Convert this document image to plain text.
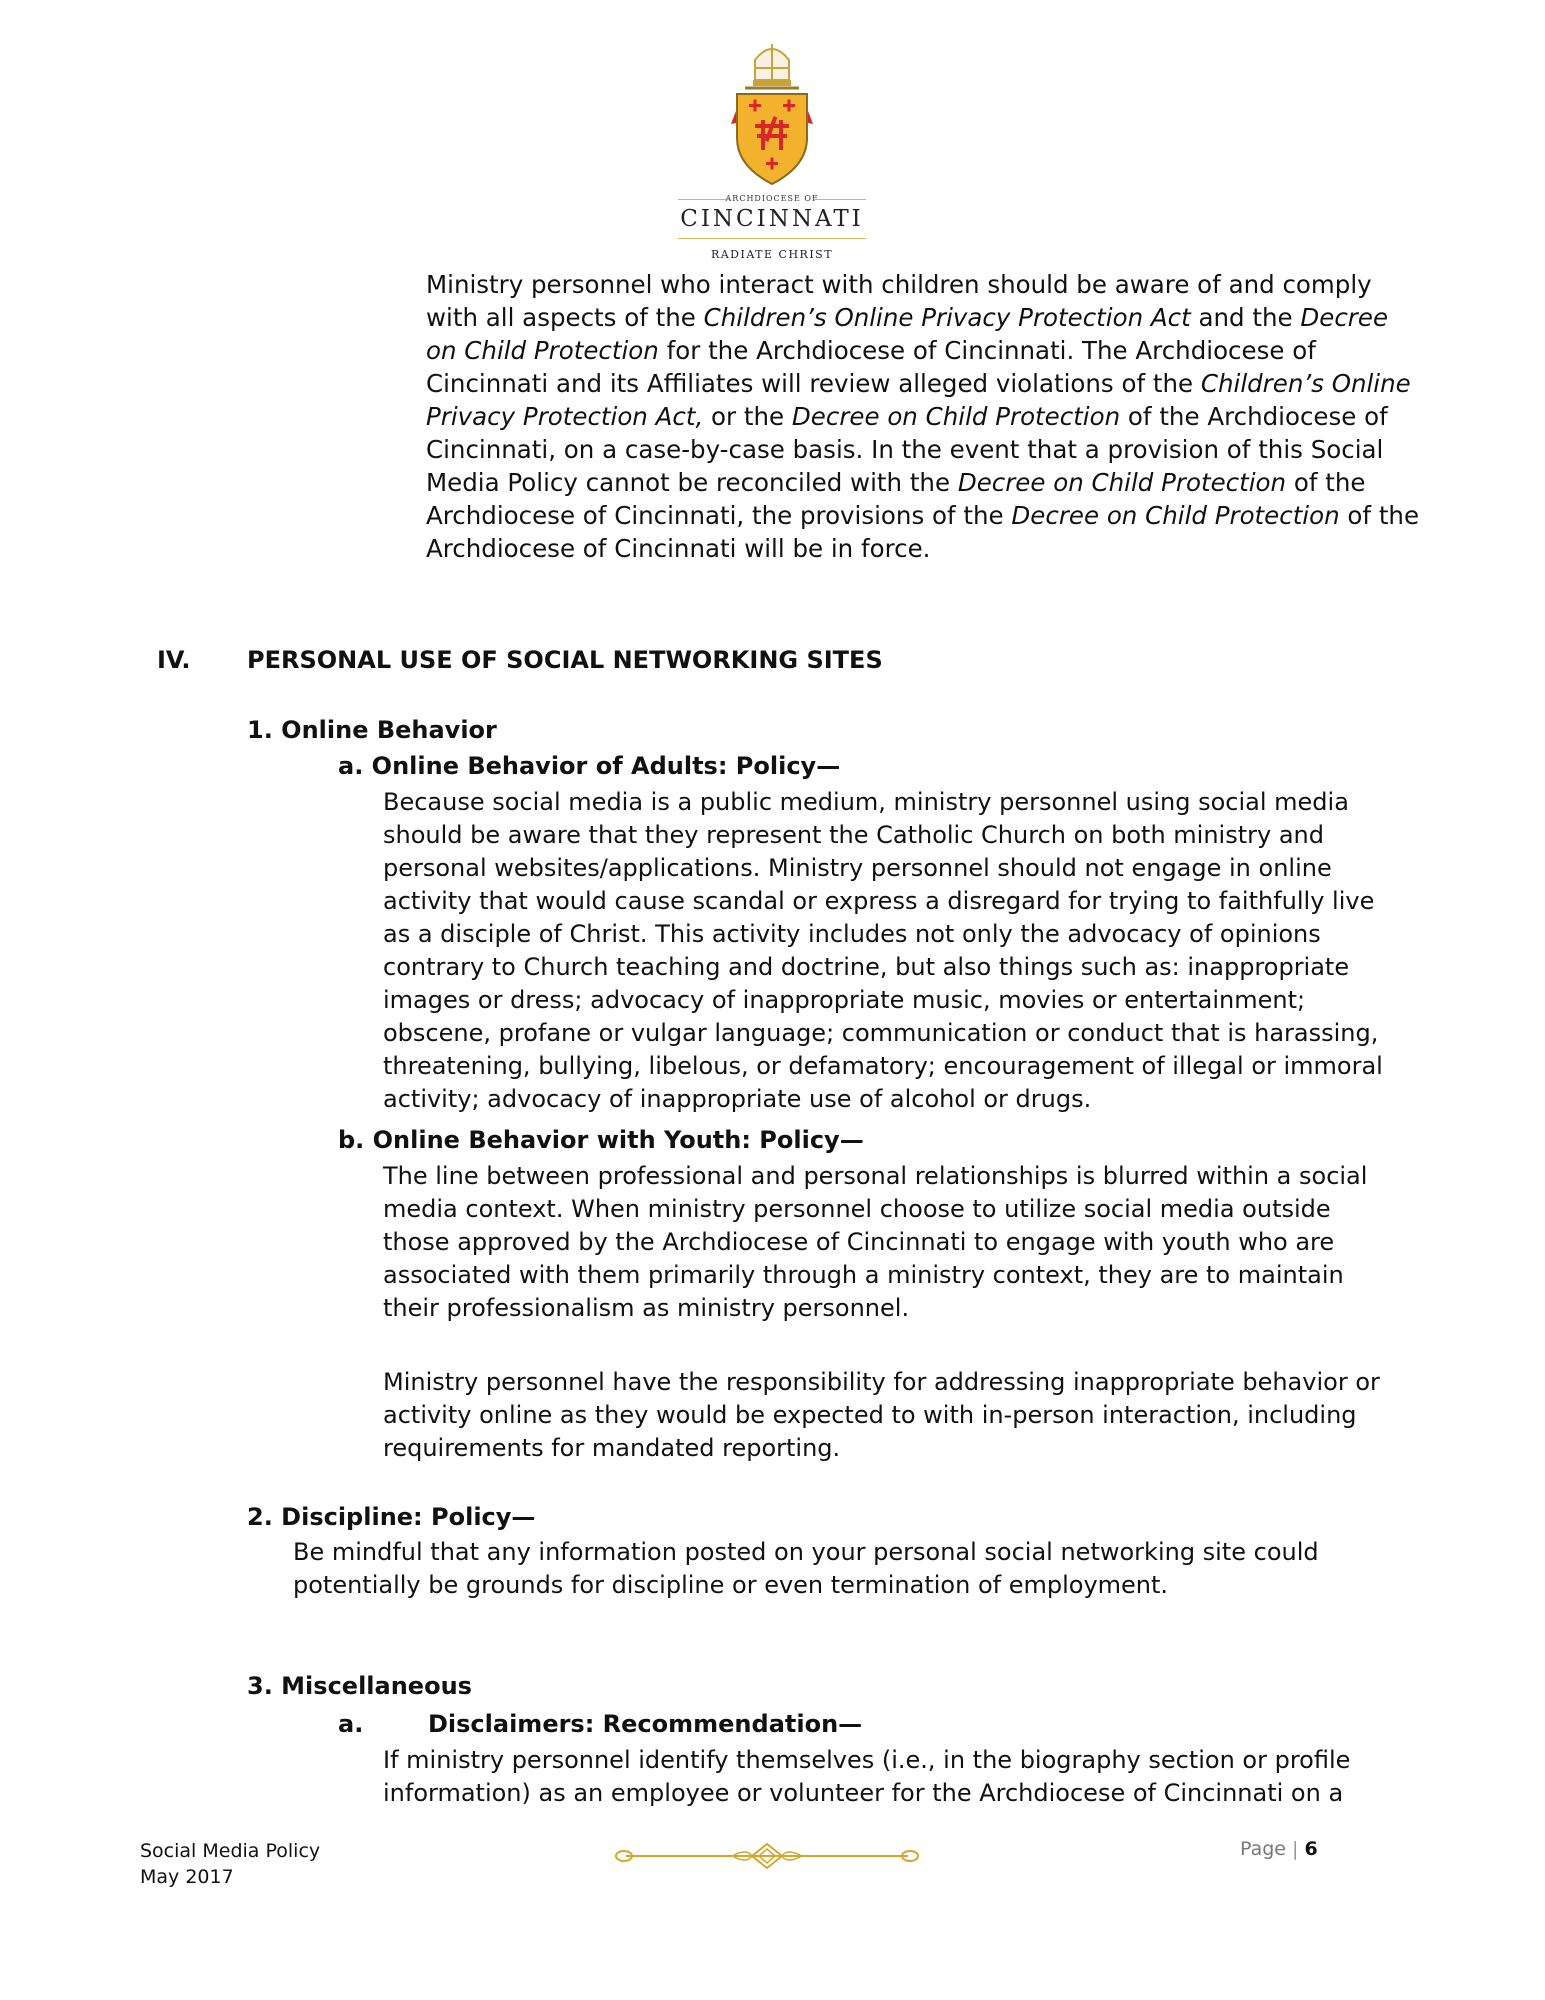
ARCHDIOCESE OF
CINCINNATI
RADIATE CHRIST
Ministry personnel who interact with children should be aware of and comply with all aspects of the Children’s Online Privacy Protection Act and the Decree on Child Protection for the Archdiocese of Cincinnati. The Archdiocese of Cincinnati and its Affiliates will review alleged violations of the Children’s Online Privacy Protection Act, or the Decree on Child Protection of the Archdiocese of Cincinnati, on a case-by-case basis. In the event that a provision of this Social Media Policy cannot be reconciled with the Decree on Child Protection of the Archdiocese of Cincinnati, the provisions of the Decree on Child Protection of the Archdiocese of Cincinnati will be in force.
IV. PERSONAL USE OF SOCIAL NETWORKING SITES
1. Online Behavior
a. Online Behavior of Adults: Policy—
Because social media is a public medium, ministry personnel using social media should be aware that they represent the Catholic Church on both ministry and personal websites/applications. Ministry personnel should not engage in online activity that would cause scandal or express a disregard for trying to faithfully live as a disciple of Christ. This activity includes not only the advocacy of opinions contrary to Church teaching and doctrine, but also things such as: inappropriate images or dress; advocacy of inappropriate music, movies or entertainment; obscene, profane or vulgar language; communication or conduct that is harassing, threatening, bullying, libelous, or defamatory; encouragement of illegal or immoral activity; advocacy of inappropriate use of alcohol or drugs.
b. Online Behavior with Youth: Policy—
The line between professional and personal relationships is blurred within a social media context. When ministry personnel choose to utilize social media outside those approved by the Archdiocese of Cincinnati to engage with youth who are associated with them primarily through a ministry context, they are to maintain their professionalism as ministry personnel.
Ministry personnel have the responsibility for addressing inappropriate behavior or activity online as they would be expected to with in-person interaction, including requirements for mandated reporting.
2. Discipline: Policy—
Be mindful that any information posted on your personal social networking site could potentially be grounds for discipline or even termination of employment.
3. Miscellaneous
a.	Disclaimers: Recommendation—
If ministry personnel identify themselves (i.e., in the biography section or profile information) as an employee or volunteer for the Archdiocese of Cincinnati on a
Social Media Policy
May 2017
Page | 6
